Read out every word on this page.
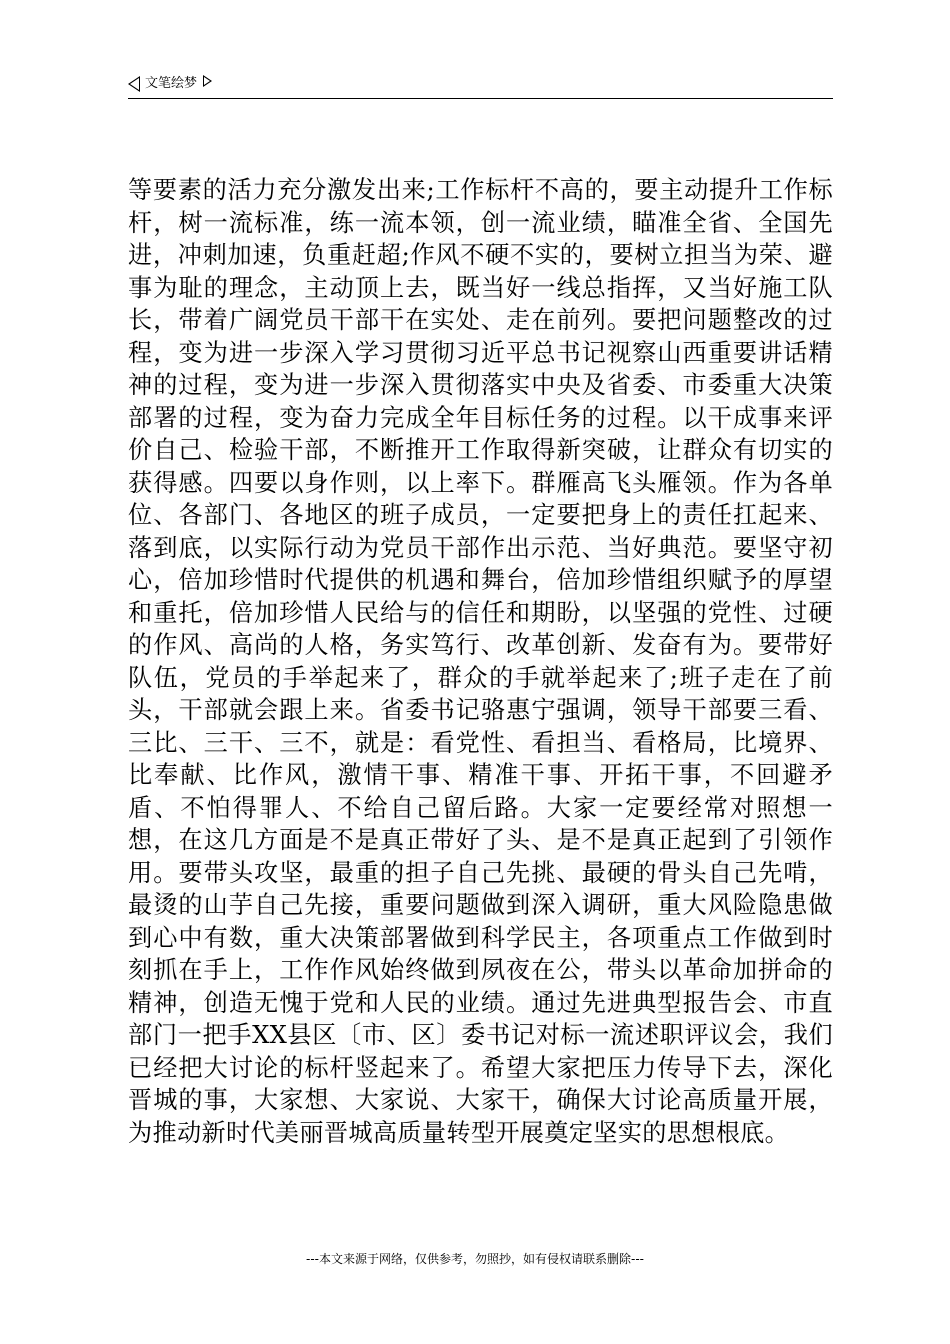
文笔绘梦

等要素的活力充分激发出来;工作标杆不高的，要主动提升工作标杆，树一流标准，练一流本领，创一流业绩，瞄准全省、全国先进，冲刺加速，负重赶超;作风不硬不实的，要树立担当为荣、避事为耻的理念，主动顶上去，既当好一线总指挥，又当好施工队长，带着广阔党员干部干在实处、走在前列。要把问题整改的过程，变为进一步深入学习贯彻习近平总书记视察山西重要讲话精神的过程，变为进一步深入贯彻落实中央及省委、市委重大决策部署的过程，变为奋力完成全年目标任务的过程。以干成事来评价自己、检验干部，不断推开工作取得新突破，让群众有切实的获得感。四要以身作则，以上率下。群雁高飞头雁领。作为各单位、各部门、各地区的班子成员，一定要把身上的责任扛起来、落到底，以实际行动为党员干部作出示范、当好典范。要坚守初心，倍加珍惜时代提供的机遇和舞台，倍加珍惜组织赋予的厚望和重托，倍加珍惜人民给与的信任和期盼，以坚强的党性、过硬的作风、高尚的人格，务实笃行、改革创新、发奋有为。要带好队伍，党员的手举起来了，群众的手就举起来了;班子走在了前头，干部就会跟上来。省委书记骆惠宁强调，领导干部要三看、三比、三干、三不，就是：看党性、看担当、看格局，比境界、比奉献、比作风，激情干事、精准干事、开拓干事，不回避矛盾、不怕得罪人、不给自己留后路。大家一定要经常对照想一想，在这几方面是不是真正带好了头、是不是真正起到了引领作用。要带头攻坚，最重的担子自己先挑、最硬的骨头自己先啃，最烫的山芋自己先接，重要问题做到深入调研，重大风险隐患做到心中有数，重大决策部署做到科学民主，各项重点工作做到时刻抓在手上，工作作风始终做到夙夜在公，带头以革命加拼命的精神，创造无愧于党和人民的业绩。通过先进典型报告会、市直部门一把手XX县区〔市、区〕委书记对标一流述职评议会，我们已经把大讨论的标杆竖起来了。希望大家把压力传导下去，深化晋城的事，大家想、大家说、大家干，确保大讨论高质量开展，为推动新时代美丽晋城高质量转型开展奠定坚实的思想根底。

---本文来源于网络，仅供参考，勿照抄，如有侵权请联系删除---
